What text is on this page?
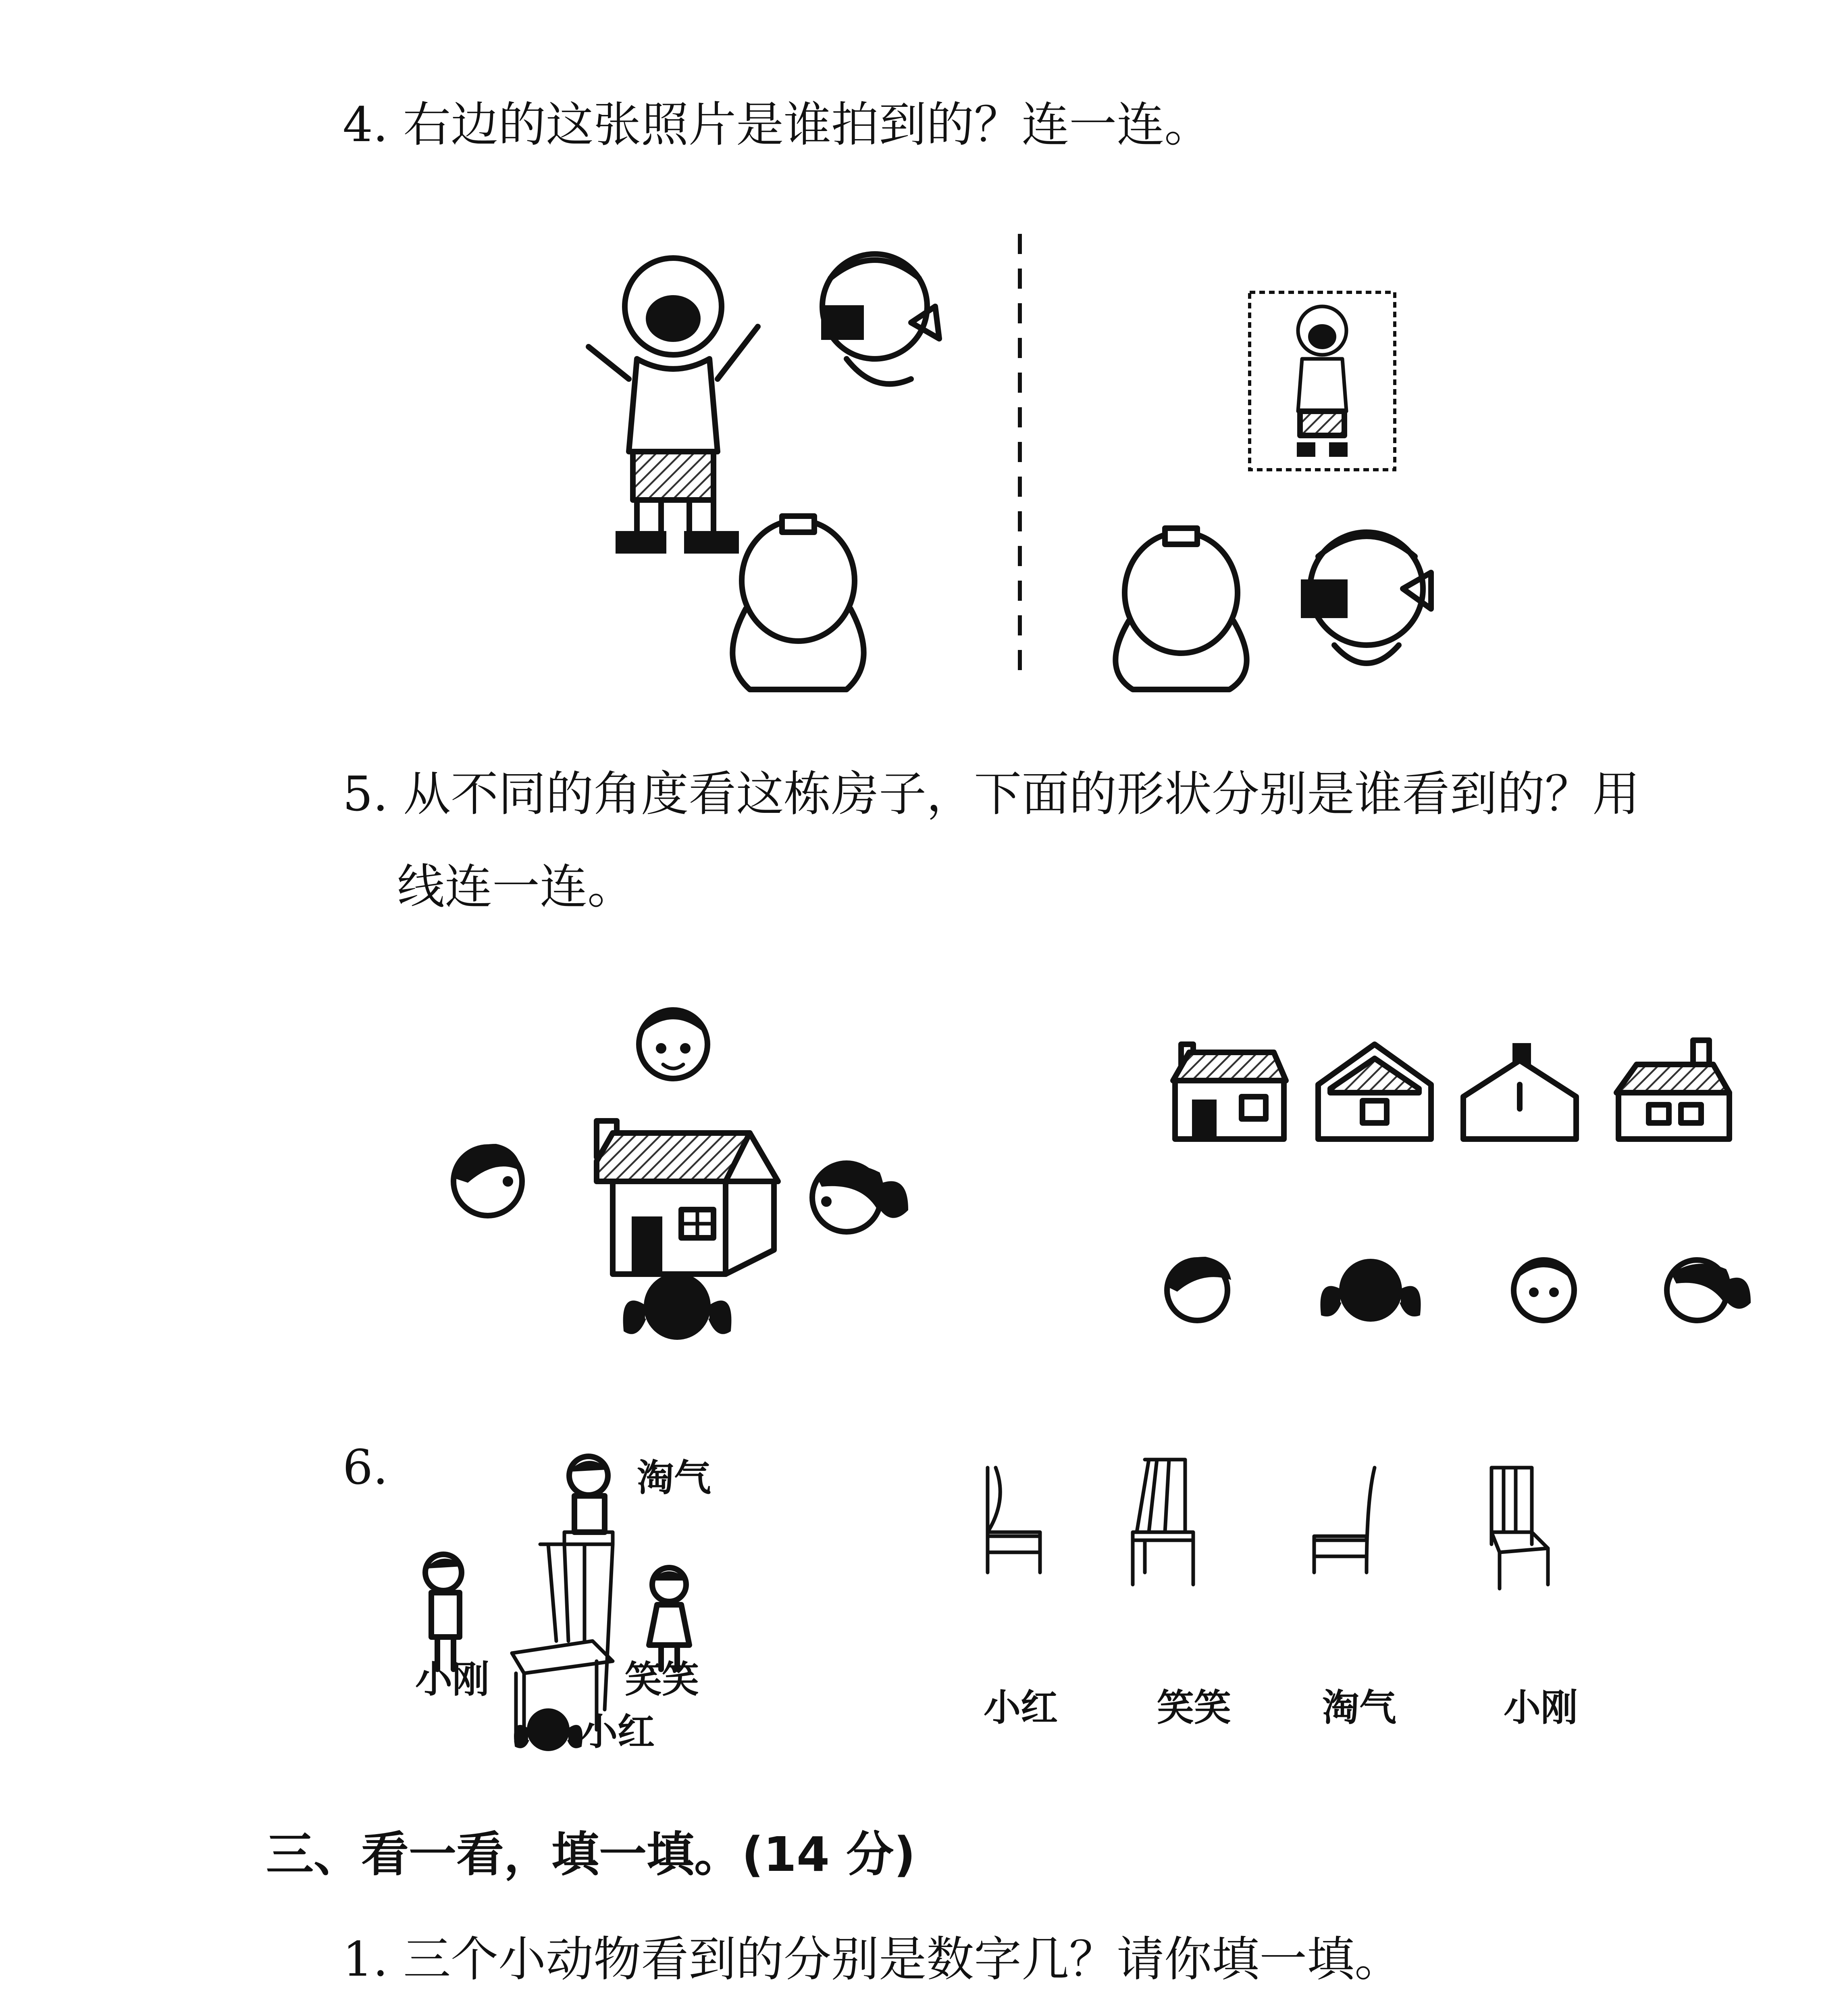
4. 右边的这张照片是谁拍到的？连一连。
5. 从不同的角度看这栋房子，下面的形状分别是谁看到的？用
线连一连。
6.	淘气
小刚	笑笑
小红
小红	笑笑 淘气	小刚
三、看一看，填一填。(14 分)
1. 三个小动物看到的分别是数字几？请你填一填。
